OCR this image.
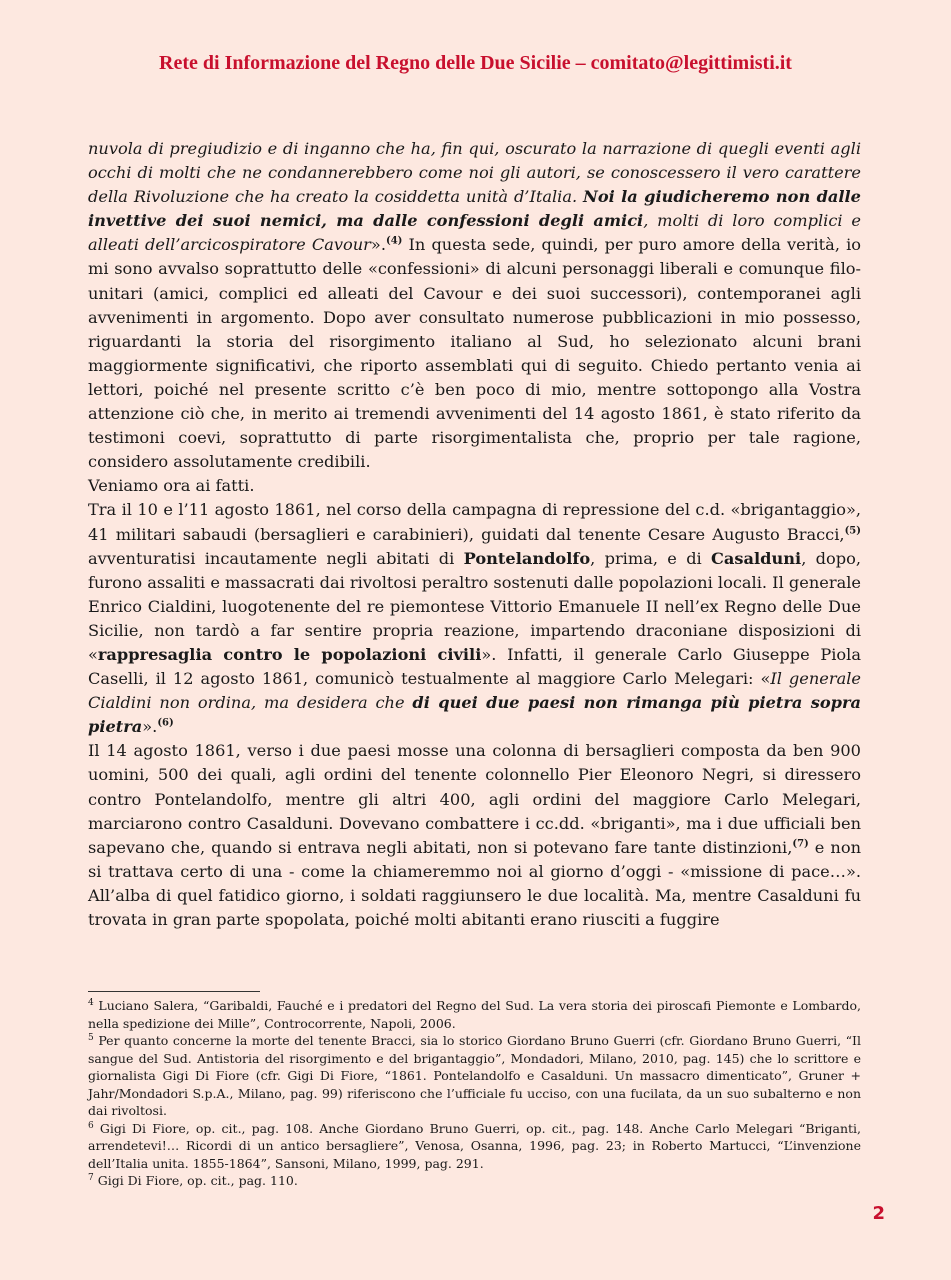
Rete di Informazione del Regno delle Due Sicilie – comitato@legittimisti.it

nuvola di pregiudizio e di inganno che ha, fin qui, oscurato la narrazione di quegli eventi agli occhi di molti che ne condannerebbero come noi gli autori, se conoscessero il vero carattere della Rivoluzione che ha creato la cosiddetta unità d’Italia. Noi la giudicheremo non dalle invettive dei suoi nemici, ma dalle confessioni degli amici, molti di loro complici e alleati dell’arcicospiratore Cavour».$^{(4)}$ In questa sede, quindi, per puro amore della verità, io mi sono avvalso soprattutto delle «confessioni» di alcuni personaggi liberali e comunque filo-unitari (amici, complici ed alleati del Cavour e dei suoi successori), contemporanei agli avvenimenti in argomento. Dopo aver consultato numerose pubblicazioni in mio possesso, riguardanti la storia del risorgimento italiano al Sud, ho selezionato alcuni brani maggiormente significativi, che riporto assemblati qui di seguito. Chiedo pertanto venia ai lettori, poiché nel presente scritto c’è ben poco di mio, mentre sottopongo alla Vostra attenzione ciò che, in merito ai tremendi avvenimenti del 14 agosto 1861, è stato riferito da testimoni coevi, soprattutto di parte risorgimentalista che, proprio per tale ragione, considero assolutamente credibili.

Veniamo ora ai fatti.

Tra il 10 e l’11 agosto 1861, nel corso della campagna di repressione del c.d. «brigantaggio», 41 militari sabaudi (bersaglieri e carabinieri), guidati dal tenente Cesare Augusto Bracci,$^{(5)}$ avventuratisi incautamente negli abitati di Pontelandolfo, prima, e di Casalduni, dopo, furono assaliti e massacrati dai rivoltosi peraltro sostenuti dalle popolazioni locali. Il generale Enrico Cialdini, luogotenente del re piemontese Vittorio Emanuele II nell’ex Regno delle Due Sicilie, non tardò a far sentire propria reazione, impartendo draconiane disposizioni di «rappresaglia contro le popolazioni civili». Infatti, il generale Carlo Giuseppe Piola Caselli, il 12 agosto 1861, comunicò testualmente al maggiore Carlo Melegari: «Il generale Cialdini non ordina, ma desidera che di quei due paesi non rimanga più pietra sopra pietra».$^{(6)}$

Il 14 agosto 1861, verso i due paesi mosse una colonna di bersaglieri composta da ben 900 uomini, 500 dei quali, agli ordini del tenente colonnello Pier Eleonoro Negri, si diressero contro Pontelandolfo, mentre gli altri 400, agli ordini del maggiore Carlo Melegari, marciarono contro Casalduni. Dovevano combattere i cc.dd. «briganti», ma i due ufficiali ben sapevano che, quando si entrava negli abitati, non si potevano fare tante distinzioni,$^{(7)}$ e non si trattava certo di una - come la chiameremmo noi al giorno d’oggi - «missione di pace…». All’alba di quel fatidico giorno, i soldati raggiunsero le due località. Ma, mentre Casalduni fu trovata in gran parte spopolata, poiché molti abitanti erano riusciti a fuggire

$^4$ Luciano Salera, “Garibaldi, Fauché e i predatori del Regno del Sud. La vera storia dei piroscafi Piemonte e Lombardo, nella spedizione dei Mille”, Controcorrente, Napoli, 2006.

$^5$ Per quanto concerne la morte del tenente Bracci, sia lo storico Giordano Bruno Guerri (cfr. Giordano Bruno Guerri, “Il sangue del Sud. Antistoria del risorgimento e del brigantaggio”, Mondadori, Milano, 2010, pag. 145) che lo scrittore e giornalista Gigi Di Fiore (cfr. Gigi Di Fiore, “1861. Pontelandolfo e Casalduni. Un massacro dimenticato”, Gruner + Jahr/Mondadori S.p.A., Milano, pag. 99) riferiscono che l’ufficiale fu ucciso, con una fucilata, da un suo subalterno e non dai rivoltosi.

$^6$ Gigi Di Fiore, op. cit., pag. 108. Anche Giordano Bruno Guerri, op. cit., pag. 148. Anche Carlo Melegari “Briganti, arrendetevi!… Ricordi di un antico bersagliere”, Venosa, Osanna, 1996, pag. 23; in Roberto Martucci, “L’invenzione dell’Italia unita. 1855-1864”, Sansoni, Milano, 1999, pag. 291.

$^7$ Gigi Di Fiore, op. cit., pag. 110.

2
